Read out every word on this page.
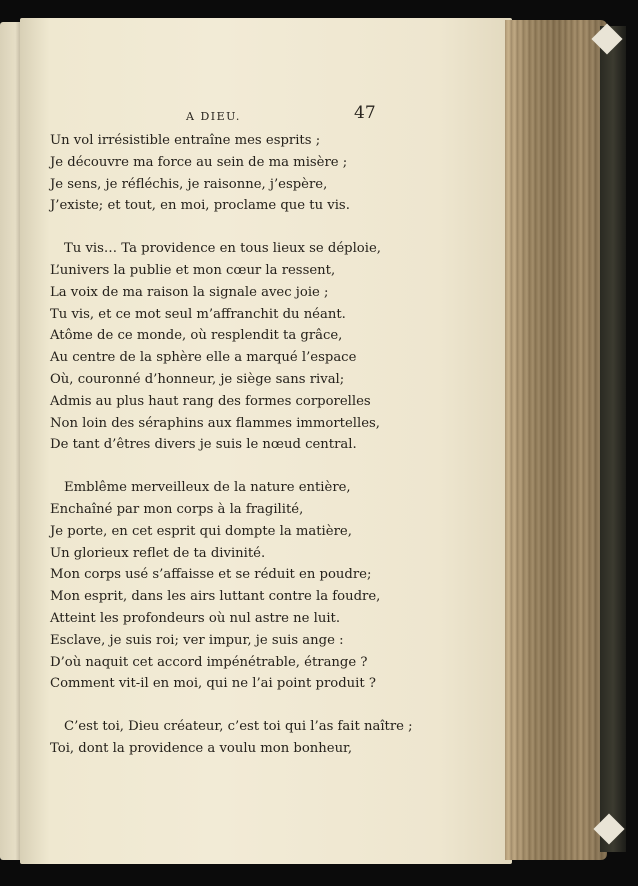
A DIEU.	47
Un vol irrésistible entraîne mes esprits ;
Je découvre ma force au sein de ma misère ;
Je sens, je réfléchis, je raisonne, j’espère,
J’existe; et tout, en moi, proclame que tu vis.
Tu vis… Ta providence en tous lieux se déploie,
L’univers la publie et mon cœur la ressent,
La voix de ma raison la signale avec joie ;
Tu vis, et ce mot seul m’affranchit du néant.
Atôme de ce monde, où resplendit ta grâce,
Au centre de la sphère elle a marqué l’espace
Où, couronné d’honneur, je siège sans rival;
Admis au plus haut rang des formes corporelles
Non loin des séraphins aux flammes immortelles,
De tant d’êtres divers je suis le nœud central.
Emblême merveilleux de la nature entière,
Enchaîné par mon corps à la fragilité,
Je porte, en cet esprit qui dompte la matière,
Un glorieux reflet de ta divinité.
Mon corps usé s’affaisse et se réduit en poudre;
Mon esprit, dans les airs luttant contre la foudre,
Atteint les profondeurs où nul astre ne luit.
Esclave, je suis roi; ver impur, je suis ange :
D’où naquit cet accord impénétrable, étrange ?
Comment vit-il en moi, qui ne l’ai point produit ?
C’est toi, Dieu créateur, c’est toi qui l’as fait naître ;
Toi, dont la providence a voulu mon bonheur,
